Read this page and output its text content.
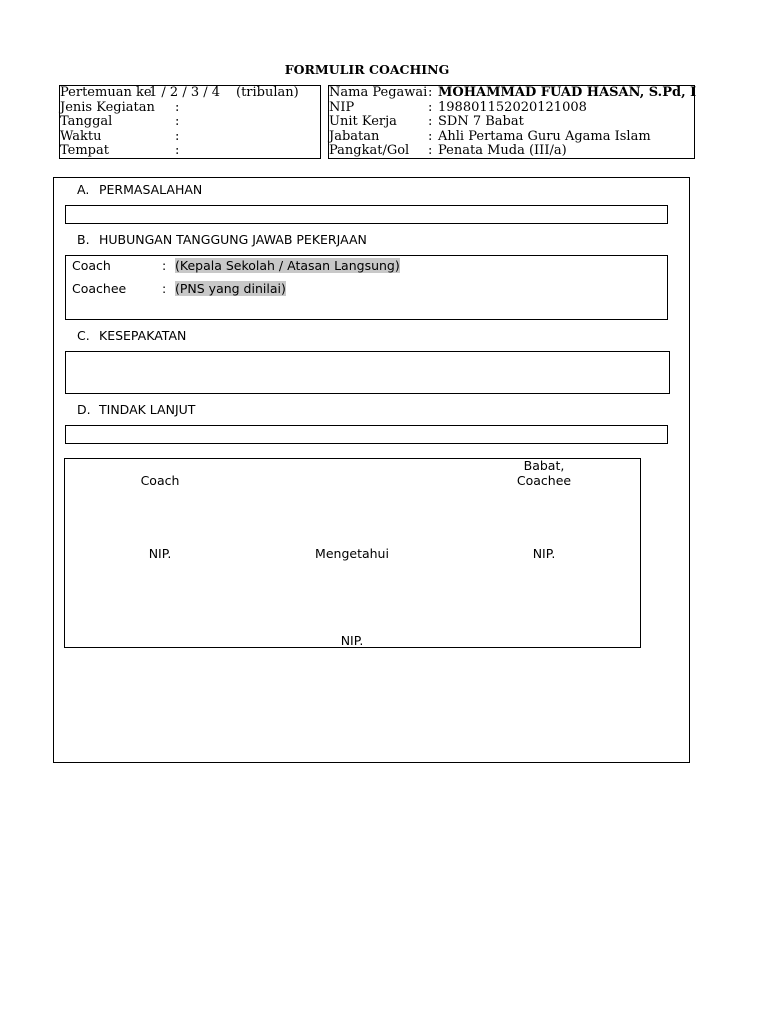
FORMULIR COACHING
Pertemuan ke
1 / 2 / 3 / 4 (tribulan)
Jenis Kegiatan :
Tanggal	:
Waktu	:
Tempat	:
Nama Pegawai : MOHAMMAD FUAD HASAN, S.Pd, I
NIP	: 198801152020121008
Unit Kerja : SDN 7 Babat
Jabatan	: Ahli Pertama Guru Agama Islam
Pangkat/Gol : Penata Muda (III/a)
A. PERMASALAHAN
B. HUBUNGAN TANGGUNG JAWAB PEKERJAAN
Coach	: (Kepala Sekolah / Atasan Langsung)
Coachee	: (PNS yang dinilai)
C. KESEPAKATAN
D. TINDAK LANJUT
Babat,
Coach	Coachee
NIP.	Mengetahui	NIP.
NIP.
